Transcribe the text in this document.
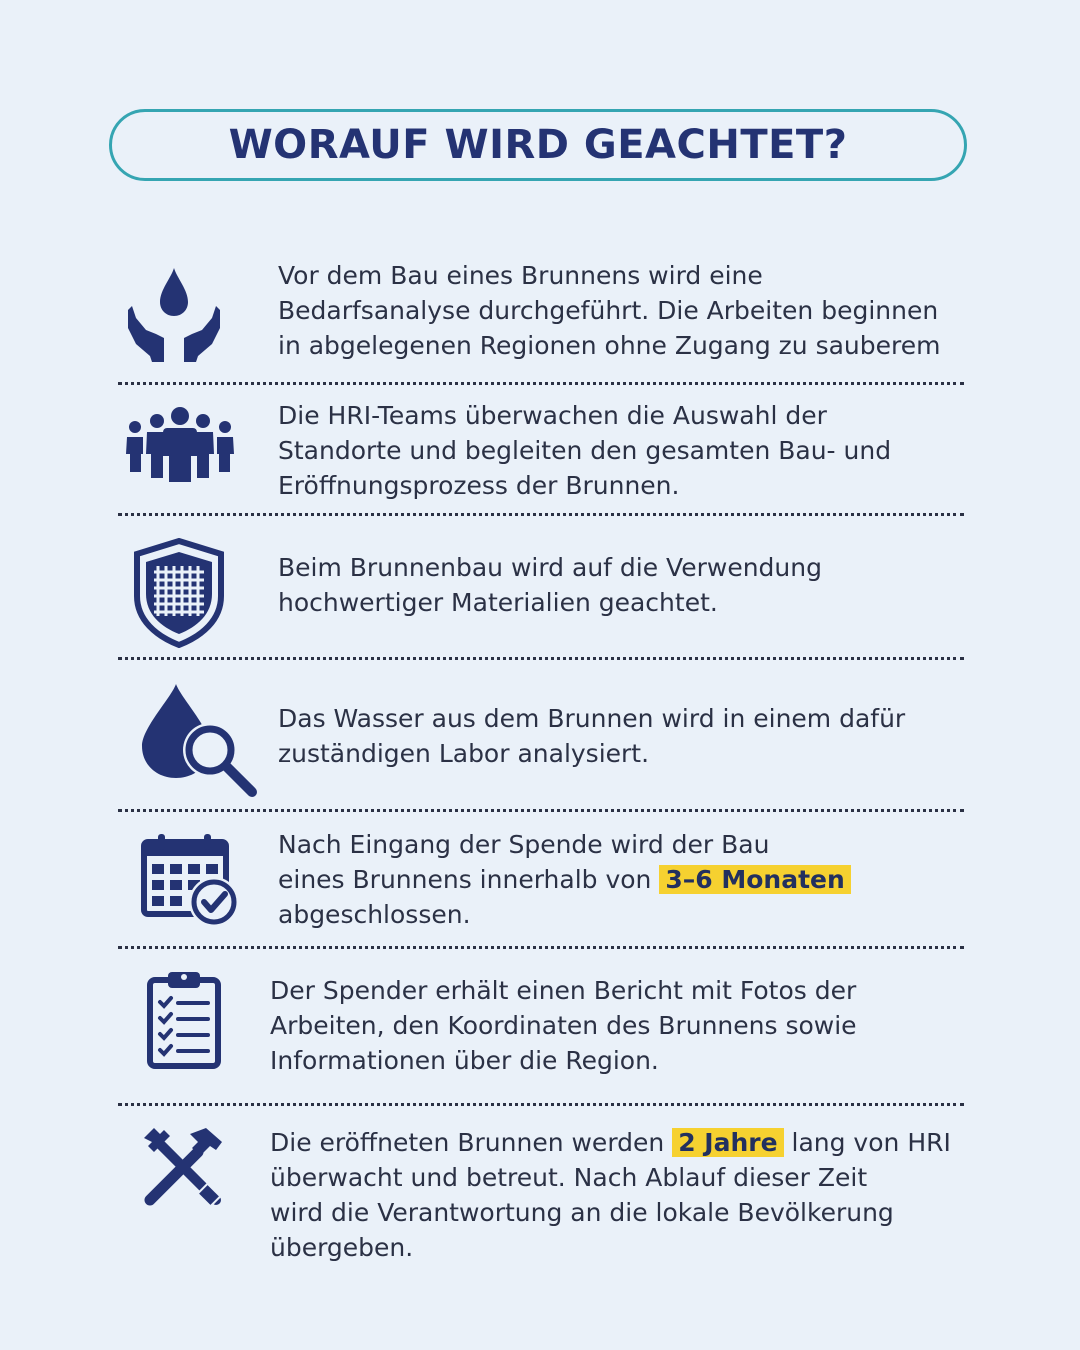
WORAUF WIRD GEACHTET?
Vor dem Bau eines Brunnens wird eine
Bedarfsanalyse durchgeführt. Die Arbeiten beginnen
in abgelegenen Regionen ohne Zugang zu sauberem
Die HRI-Teams überwachen die Auswahl der
Standorte und begleiten den gesamten Bau- und
Eröffnungsprozess der Brunnen.
Beim Brunnenbau wird auf die Verwendung
hochwertiger Materialien geachtet.
Das Wasser aus dem Brunnen wird in einem dafür
zuständigen Labor analysiert.
Nach Eingang der Spende wird der Bau
eines Brunnens innerhalb von 3–6 Monaten
abgeschlossen.
Der Spender erhält einen Bericht mit Fotos der
Arbeiten, den Koordinaten des Brunnens sowie
Informationen über die Region.
Die eröffneten Brunnen werden 2 Jahre lang von HRI
überwacht und betreut. Nach Ablauf dieser Zeit
wird die Verantwortung an die lokale Bevölkerung
übergeben.
